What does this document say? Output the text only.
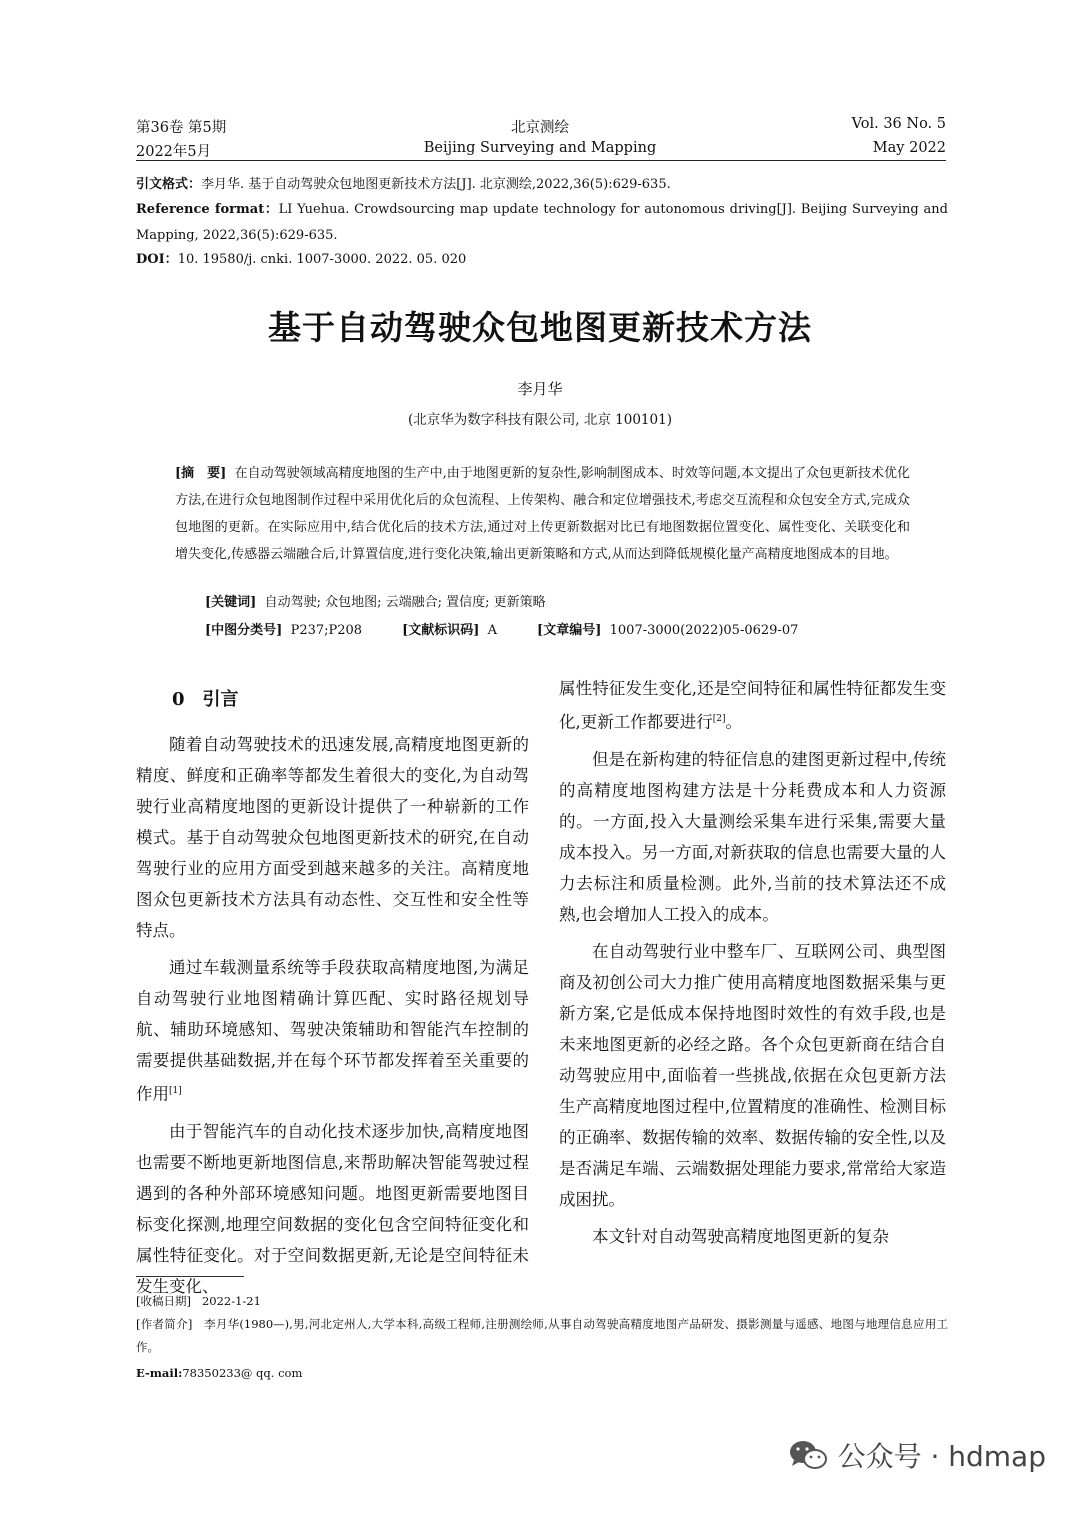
第36卷 第5期	北京测绘	Vol. 36 No. 5
2022年5月	Beijing Surveying and Mapping	May 2022
引文格式：李月华. 基于自动驾驶众包地图更新技术方法[J]. 北京测绘,2022,36(5):629-635.
Reference format：LI Yuehua. Crowdsourcing map update technology for autonomous driving[J]. Beijing Surveying and Mapping, 2022,36(5):629-635.
DOI：10. 19580/j. cnki. 1007-3000. 2022. 05. 020
基于自动驾驶众包地图更新技术方法
李月华
(北京华为数字科技有限公司, 北京 100101)
[摘　要] 在自动驾驶领域高精度地图的生产中,由于地图更新的复杂性,影响制图成本、时效等问题,本文提出了众包更新技术优化方法,在进行众包地图制作过程中采用优化后的众包流程、上传架构、融合和定位增强技术,考虑交互流程和众包安全方式,完成众包地图的更新。在实际应用中,结合优化后的技术方法,通过对上传更新数据对比已有地图数据位置变化、属性变化、关联变化和增失变化,传感器云端融合后,计算置信度,进行变化决策,输出更新策略和方式,从而达到降低规模化量产高精度地图成本的目地。
[关键词] 自动驾驶; 众包地图; 云端融合; 置信度; 更新策略
[中图分类号] P237;P208	[文献标识码] A	[文章编号] 1007-3000(2022)05-0629-07
0　引言

随着自动驾驶技术的迅速发展,高精度地图更新的精度、鲜度和正确率等都发生着很大的变化,为自动驾驶行业高精度地图的更新设计提供了一种崭新的工作模式。基于自动驾驶众包地图更新技术的研究,在自动驾驶行业的应用方面受到越来越多的关注。高精度地图众包更新技术方法具有动态性、交互性和安全性等特点。

通过车载测量系统等手段获取高精度地图,为满足自动驾驶行业地图精确计算匹配、实时路径规划导航、辅助环境感知、驾驶决策辅助和智能汽车控制的需要提供基础数据,并在每个环节都发挥着至关重要的作用[1]

由于智能汽车的自动化技术逐步加快,高精度地图也需要不断地更新地图信息,来帮助解决智能驾驶过程遇到的各种外部环境感知问题。地图更新需要地图目标变化探测,地理空间数据的变化包含空间特征变化和属性特征变化。对于空间数据更新,无论是空间特征未发生变化、

属性特征发生变化,还是空间特征和属性特征都发生变化,更新工作都要进行[2]。

但是在新构建的特征信息的建图更新过程中,传统的高精度地图构建方法是十分耗费成本和人力资源的。一方面,投入大量测绘采集车进行采集,需要大量成本投入。另一方面,对新获取的信息也需要大量的人力去标注和质量检测。此外,当前的技术算法还不成熟,也会增加人工投入的成本。

在自动驾驶行业中整车厂、互联网公司、典型图商及初创公司大力推广使用高精度地图数据采集与更新方案,它是低成本保持地图时效性的有效手段,也是未来地图更新的必经之路。各个众包更新商在结合自动驾驶应用中,面临着一些挑战,依据在众包更新方法生产高精度地图过程中,位置精度的准确性、检测目标的正确率、数据传输的效率、数据传输的安全性,以及是否满足车端、云端数据处理能力要求,常常给大家造成困扰。

本文针对自动驾驶高精度地图更新的复杂

[收稿日期] 2022-1-21
[作者简介] 李月华(1980—),男,河北定州人,大学本科,高级工程师,注册测绘师,从事自动驾驶高精度地图产品研发、摄影测量与遥感、地图与地理信息应用工作。
E-mail:78350233@ qq. com
公众号 · hdmap
